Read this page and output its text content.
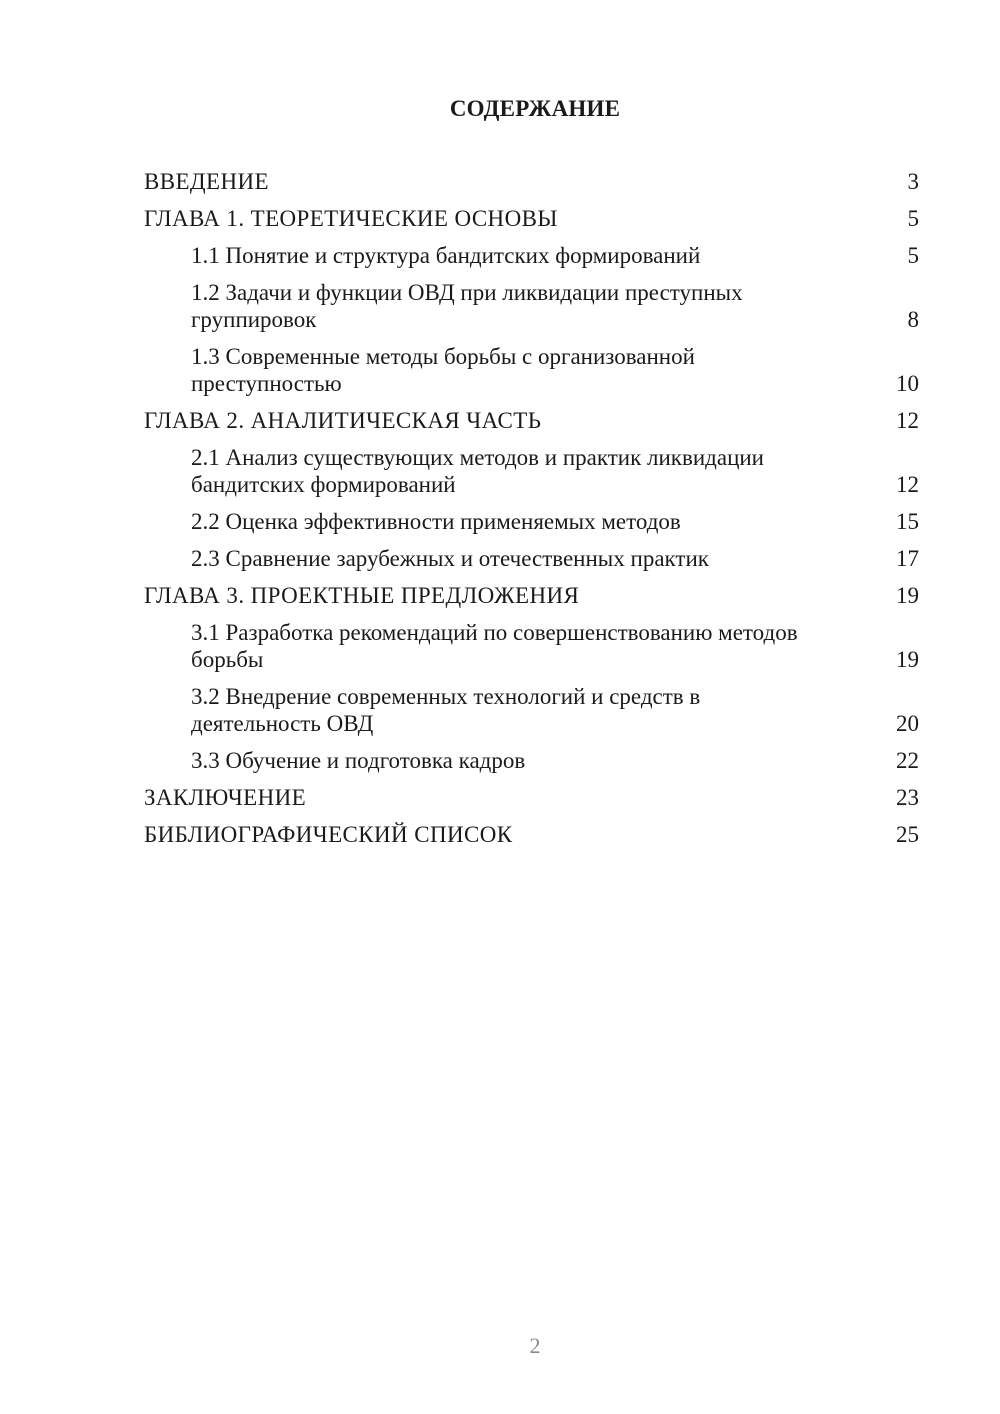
СОДЕРЖАНИЕ
ВВЕДЕНИЕ	3
ГЛАВА 1. ТЕОРЕТИЧЕСКИЕ ОСНОВЫ	5
1.1 Понятие и структура бандитских формирований	5
1.2 Задачи и функции ОВД при ликвидации преступных группировок	8
1.3 Современные методы борьбы с организованной преступностью	10
ГЛАВА 2. АНАЛИТИЧЕСКАЯ ЧАСТЬ	12
2.1 Анализ существующих методов и практик ликвидации бандитских формирований	12
2.2 Оценка эффективности применяемых методов	15
2.3 Сравнение зарубежных и отечественных практик	17
ГЛАВА 3. ПРОЕКТНЫЕ ПРЕДЛОЖЕНИЯ	19
3.1 Разработка рекомендаций по совершенствованию методов борьбы	19
3.2 Внедрение современных технологий и средств в деятельность ОВД	20
3.3 Обучение и подготовка кадров	22
ЗАКЛЮЧЕНИЕ	23
БИБЛИОГРАФИЧЕСКИЙ СПИСОК	25
2
